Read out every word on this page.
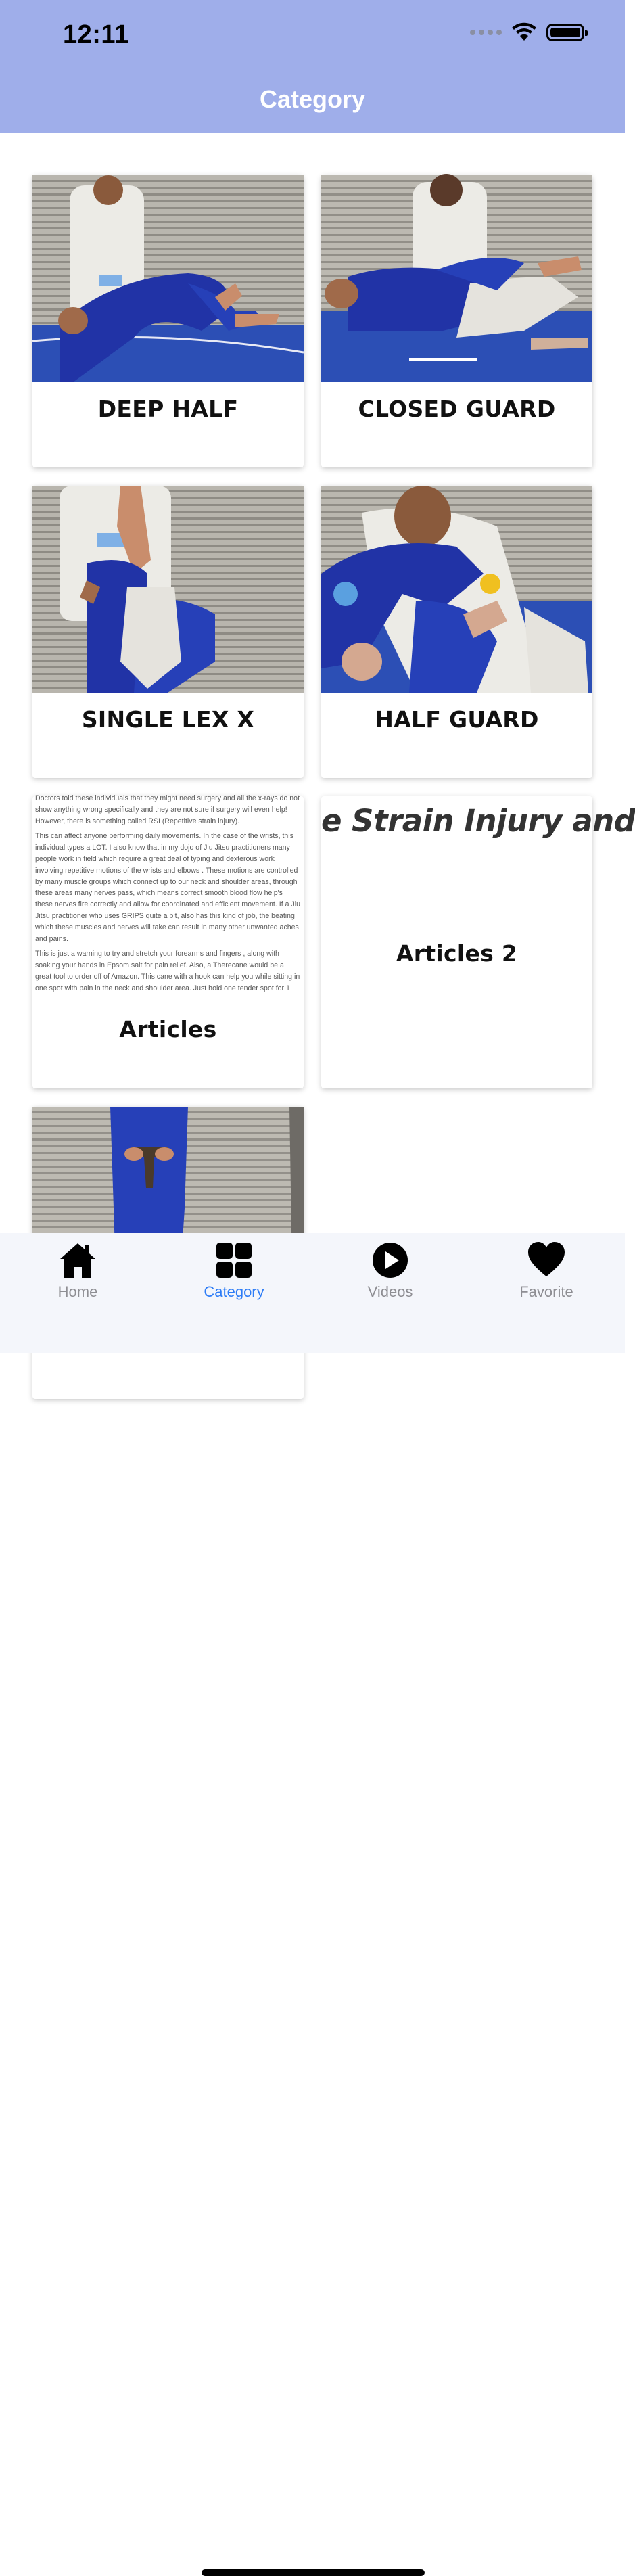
12:11
Category
DEEP HALF	CLOSED GUARD
SINGLE LEX X	HALF GUARD

Doctors told these individuals that they might need surgery and all the x-rays do not show anything wrong specifically and they are not sure if surgery will even help! However, there is something called RSI (Repetitive strain injury).

This can affect anyone performing daily movements. In the case of the wrists, this individual types a LOT. I also know that in my dojo of Jiu Jitsu practitioners many people work in field which require a great deal of typing and dexterous work involving repetitive motions of the wrists and elbows . These motions are controlled by many muscle groups which connect up to our neck and shoulder areas, through these areas many nerves pass, which means correct smooth blood flow help's these nerves fire correctly and allow for coordinated and efficient movement. If a Jiu Jitsu practitioner who uses GRIPS quite a bit, also has this kind of job, the beating which these muscles and nerves will take can result in many other unwanted aches and pains.

This is just a warning to try and stretch your forearms and fingers , along with soaking your hands in Epsom salt for pain relief. Also, a Therecane would be a great tool to order off of Amazon. This cane with a hook can help you while sitting in one spot with pain in the neck and shoulder area. Just hold one tender spot for 1

Articles
e Strain Injury and
Articles 2
Home	Category	Videos	Favorite
